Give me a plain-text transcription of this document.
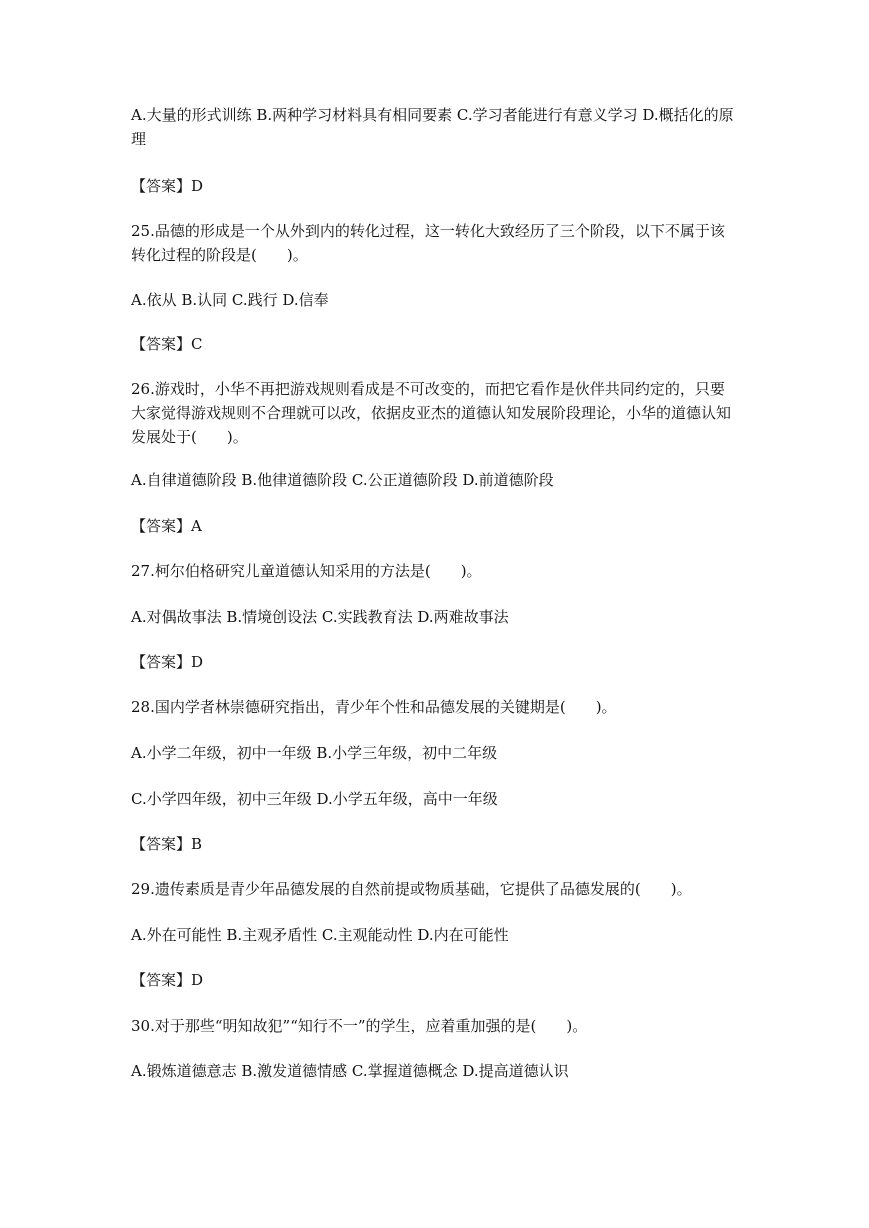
A.大量的形式训练 B.两种学习材料具有相同要素 C.学习者能进行有意义学习 D.概括化的原
理
【答案】D
25.品德的形成是一个从外到内的转化过程，这一转化大致经历了三个阶段，以下不属于该
转化过程的阶段是(　　)。
A.依从 B.认同 C.践行 D.信奉
【答案】C
26.游戏时，小华不再把游戏规则看成是不可改变的，而把它看作是伙伴共同约定的，只要
大家觉得游戏规则不合理就可以改，依据皮亚杰的道德认知发展阶段理论，小华的道德认知
发展处于(　　)。
A.自律道德阶段 B.他律道德阶段 C.公正道德阶段 D.前道德阶段
【答案】A
27.柯尔伯格研究儿童道德认知采用的方法是(　　)。
A.对偶故事法 B.情境创设法 C.实践教育法 D.两难故事法
【答案】D
28.国内学者林崇德研究指出，青少年个性和品德发展的关键期是(　　)。
A.小学二年级，初中一年级 B.小学三年级，初中二年级
C.小学四年级，初中三年级 D.小学五年级，高中一年级
【答案】B
29.遗传素质是青少年品德发展的自然前提或物质基础，它提供了品德发展的(　　)。
A.外在可能性 B.主观矛盾性 C.主观能动性 D.内在可能性
【答案】D
30.对于那些“明知故犯”“知行不一”的学生，应着重加强的是(　　)。
A.锻炼道德意志 B.激发道德情感 C.掌握道德概念 D.提高道德认识
